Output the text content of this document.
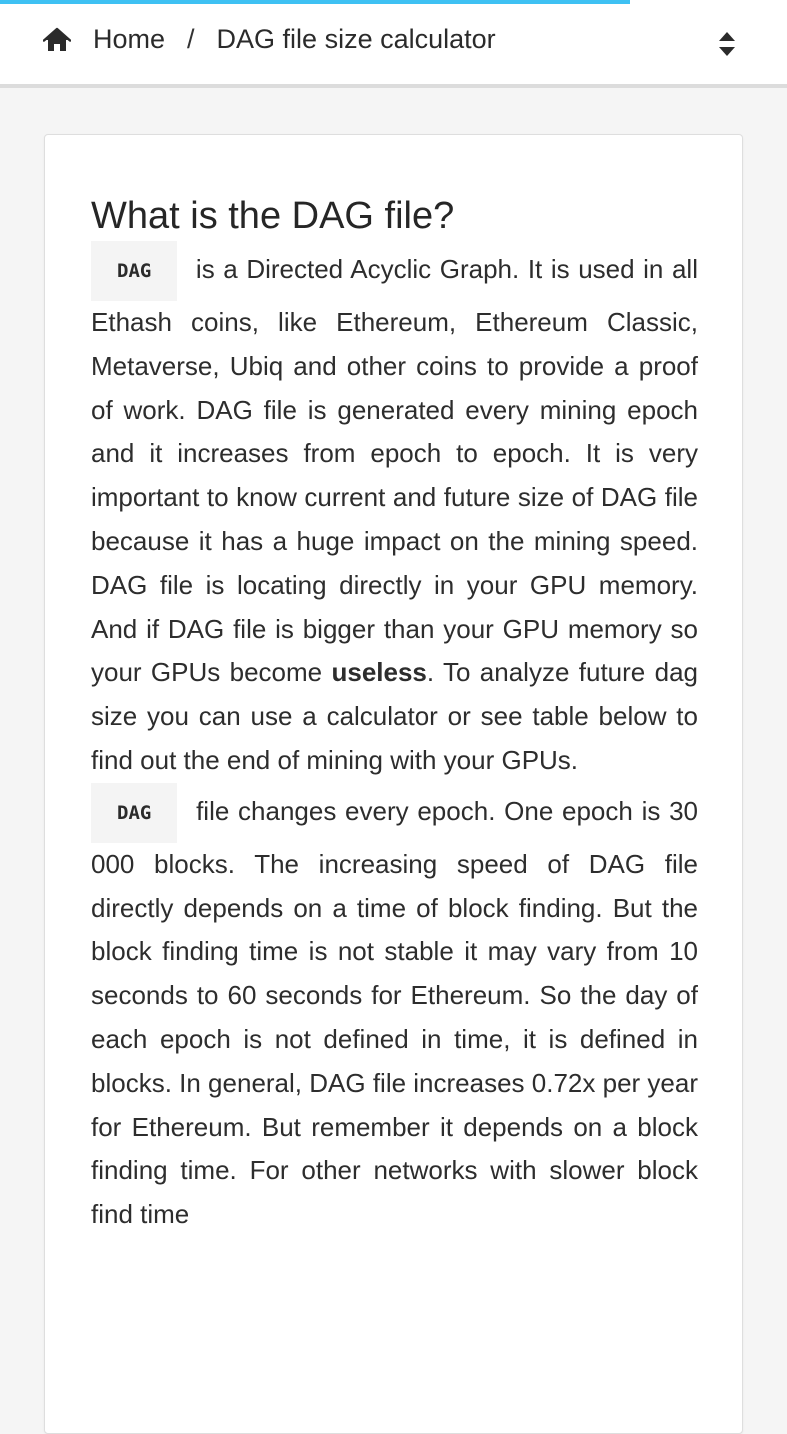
Home / DAG file size calculator
What is the DAG file?

DAG is a Directed Acyclic Graph. It is used in all Ethash coins, like Ethereum, Ethereum Classic, Metaverse, Ubiq and other coins to provide a proof of work. DAG file is generated every mining epoch and it increases from epoch to epoch. It is very important to know current and future size of DAG file because it has a huge impact on the mining speed. DAG file is locating directly in your GPU memory. And if DAG file is bigger than your GPU memory so your GPUs become useless. To analyze future dag size you can use a calculator or see table below to find out the end of mining with your GPUs.

DAG file changes every epoch. One epoch is 30 000 blocks. The increasing speed of DAG file directly depends on a time of block finding. But the block finding time is not stable it may vary from 10 seconds to 60 seconds for Ethereum. So the day of each epoch is not defined in time, it is defined in blocks. In general, DAG file increases 0.72x per year for Ethereum. But remember it depends on a block finding time. For other networks with slower block find time
